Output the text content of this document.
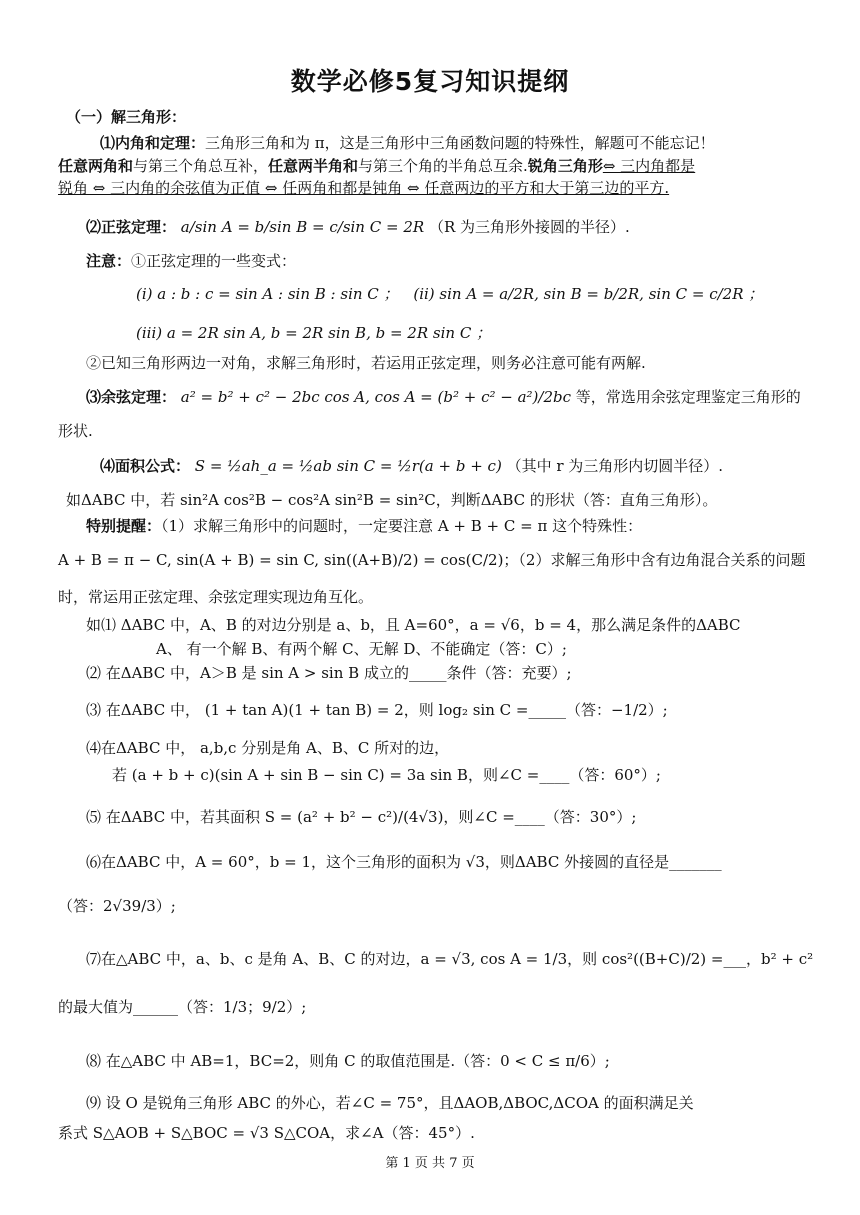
数学必修5复习知识提纲
（一）解三角形：
⑴内角和定理：三角形三角和为 π，这是三角形中三角函数问题的特殊性，解题可不能忘记！
任意两角和与第三个角总互补，任意两半角和与第三个角的半角总互余.锐角三角形⇔ 三内角都是
锐角 ⇔ 三内角的余弦值为正值 ⇔ 任两角和都是钝角 ⇔ 任意两边的平方和大于第三边的平方.
⑵正弦定理： a/sin A = b/sin B = c/sin C = 2R （R 为三角形外接圆的半径）.
注意：①正弦定理的一些变式：
(i) a : b : c = sin A : sin B : sin C ； (ii) sin A = a/2R, sin B = b/2R, sin C = c/2R ；
(iii) a = 2R sin A, b = 2R sin B, b = 2R sin C ；
②已知三角形两边一对角，求解三角形时，若运用正弦定理，则务必注意可能有两解.
⑶余弦定理： a² = b² + c² − 2bc cos A, cos A = (b² + c² − a²)/2bc 等，常选用余弦定理鉴定三角形的
形状.
⑷面积公式： S = ½ah_a = ½ab sin C = ½r(a + b + c) （其中 r 为三角形内切圆半径）.
如ΔABC 中，若 sin²A cos²B − cos²A sin²B = sin²C，判断ΔABC 的形状（答：直角三角形）。
特别提醒：（1）求解三角形中的问题时，一定要注意 A + B + C = π 这个特殊性：
A + B = π − C, sin(A + B) = sin C, sin((A+B)/2) = cos(C/2)；（2）求解三角形中含有边角混合关系的问题
时，常运用正弦定理、余弦定理实现边角互化。
如⑴ ΔABC 中，A、B 的对边分别是 a、b，且 A=60°，a = √6，b = 4，那么满足条件的ΔABC
A、 有一个解 B、有两个解 C、无解 D、不能确定（答：C）;
⑵ 在ΔABC 中，A＞B 是 sin A > sin B 成立的_____条件（答：充要）;
⑶ 在ΔABC 中， (1 + tan A)(1 + tan B) = 2，则 log₂ sin C =_____（答：−1/2）;
⑷在ΔABC 中， a,b,c 分别是角 A、B、C 所对的边，
若 (a + b + c)(sin A + sin B − sin C) = 3a sin B，则∠C =____（答：60°）;
⑸ 在ΔABC 中，若其面积 S = (a² + b² − c²)/(4√3)，则∠C =____（答：30°）;
⑹在ΔABC 中，A = 60°，b = 1，这个三角形的面积为 √3，则ΔABC 外接圆的直径是_______
（答：2√39/3）;
⑺在△ABC 中，a、b、c 是角 A、B、C 的对边，a = √3, cos A = 1/3，则 cos²((B+C)/2) =___，b² + c²
的最大值为______（答：1/3；9/2）;
⑻ 在△ABC 中 AB=1，BC=2，则角 C 的取值范围是.（答：0 < C ≤ π/6）;
⑼ 设 O 是锐角三角形 ABC 的外心，若∠C = 75°，且ΔAOB,ΔBOC,ΔCOA 的面积满足关
系式 S△AOB + S△BOC = √3 S△COA，求∠A（答：45°）.
第 1 页 共 7 页
